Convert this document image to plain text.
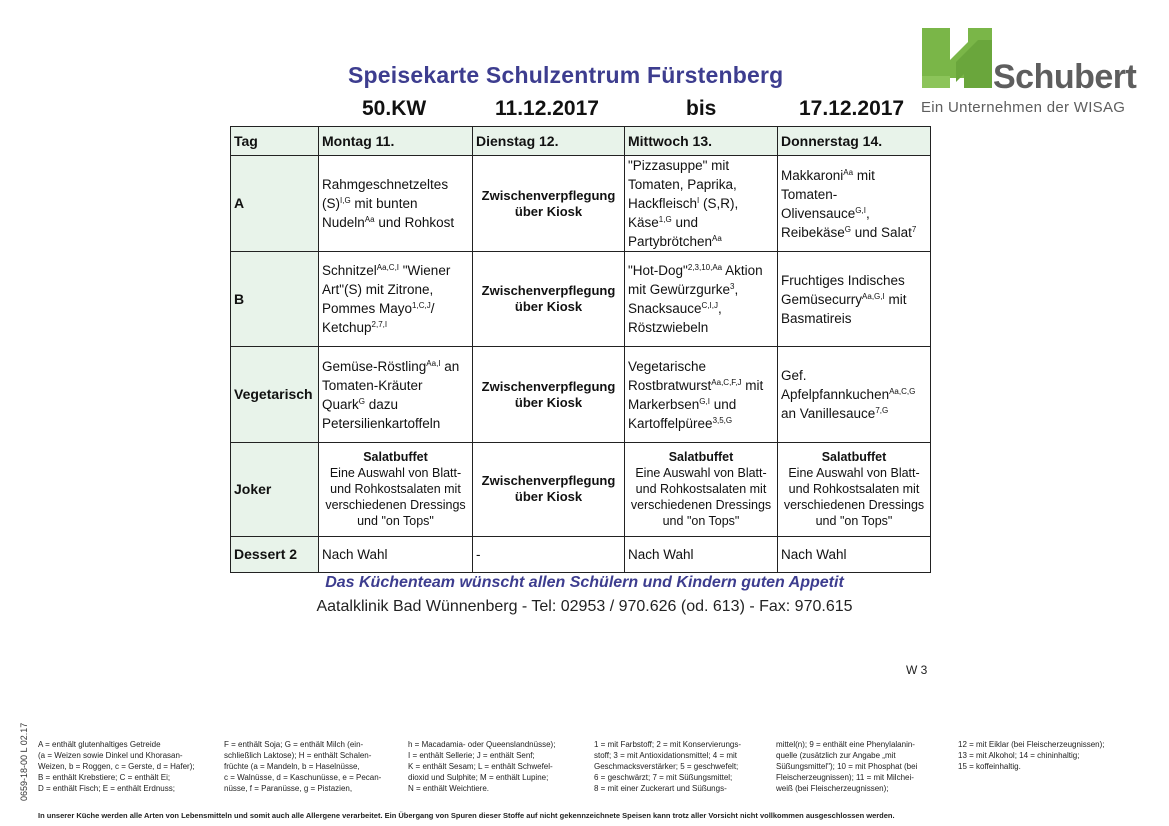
Speisekarte Schulzentrum Fürstenberg
50.KW	11.12.2017	bis	17.12.2017
Schubert
Ein Unternehmen der WISAG
Tag	Montag 11.	Dienstag 12.	Mittwoch 13.	Donnerstag 14.
A	Rahmgeschnetzeltes
$(S)^{I,G}$ mit bunten
Nudeln$^{Aa}$ und Rohkost	Zwischenverpflegung
über Kiosk	"Pizzasuppe" mit
Tomaten, Paprika,
Hackfleisch$^I$ (S,R),
Käse$^{1,G}$ und
Partybrötchen$^{Aa}$	Makkaroni$^{Aa}$ mit
Tomaten-
Olivensauce$^{G,I}$,
Reibekäse$^G$ und Salat$^7$
B	Schnitzel$^{Aa,C,I}$ "Wiener
Art"(S) mit Zitrone,
Pommes Mayo$^{1,C,J}$/
Ketchup$^{2,7,I}$	Zwischenverpflegung
über Kiosk	"Hot-Dog"$^{2,3,10,Aa}$ Aktion
mit Gewürzgurke$^3$,
Snacksauce$^{C,I,J}$,
Röstzwiebeln	Fruchtiges Indisches
Gemüsecurry$^{Aa,G,I}$ mit
Basmatireis
Vegetarisch	Gemüse-Röstling$^{Aa,I}$ an
Tomaten-Kräuter
Quark$^G$ dazu
Petersilienkartoffeln	Zwischenverpflegung
über Kiosk	Vegetarische
Rostbratwurst$^{Aa,C,F,J}$ mit
Markerbsen$^{G,I}$ und
Kartoffelpüree$^{3,5,G}$	Gef.
Apfelpfannkuchen$^{Aa,C,G}$
an Vanillesauce$^{7,G}$
Joker	Salatbuffet
Eine Auswahl von Blatt-
und Rohkostsalaten mit
verschiedenen Dressings
und "on Tops"	Zwischenverpflegung
über Kiosk	Salatbuffet
Eine Auswahl von Blatt-
und Rohkostsalaten mit
verschiedenen Dressings
und "on Tops"	Salatbuffet
Eine Auswahl von Blatt-
und Rohkostsalaten mit
verschiedenen Dressings
und "on Tops"
Dessert 2	Nach Wahl	-	Nach Wahl	Nach Wahl
Das Küchenteam wünscht allen Schülern und Kindern guten Appetit
Aatalklinik Bad Wünnenberg - Tel: 02953 / 970.626 (od. 613) - Fax: 970.615
W 3
0659-18-00 L 02.17 A = enthält glutenhaltiges Getreide
(a = Weizen sowie Dinkel und Khorasan-
Weizen, b = Roggen, c = Gerste, d = Hafer);
B = enthält Krebstiere; C = enthält Ei;
D = enthält Fisch; E = enthält Erdnuss;
F = enthält Soja; G = enthält Milch (ein-
schließlich Laktose); H = enthält Schalen-
früchte (a = Mandeln, b = Haselnüsse,
c = Walnüsse, d = Kaschunüsse, e = Pecan-
nüsse, f = Paranüsse, g = Pistazien,
h = Macadamia- oder Queenslandnüsse);
I = enthält Sellerie; J = enthält Senf;
K = enthält Sesam; L = enthält Schwefel-
dioxid und Sulphite; M = enthält Lupine;
N = enthält Weichtiere.
1 = mit Farbstoff; 2 = mit Konservierungs-
stoff; 3 = mit Antioxidationsmittel; 4 = mit
Geschmacksverstärker; 5 = geschwefelt;
6 = geschwärzt; 7 = mit Süßungsmittel;
8 = mit einer Zuckerart und Süßungs-
mittel(n); 9 = enthält eine Phenylalanin-
quelle (zusätzlich zur Angabe „mit
Süßungsmittel"); 10 = mit Phosphat (bei
Fleischerzeugnissen); 11 = mit Milchei-
weiß (bei Fleischerzeugnissen);
12 = mit Eiklar (bei Fleischerzeugnissen);
13 = mit Alkohol; 14 = chininhaltig;
15 = koffeinhaltig.
In unserer Küche werden alle Arten von Lebensmitteln und somit auch alle Allergene verarbeitet. Ein Übergang von Spuren dieser Stoffe auf nicht gekennzeichnete Speisen kann trotz aller Vorsicht nicht vollkommen ausgeschlossen werden.
